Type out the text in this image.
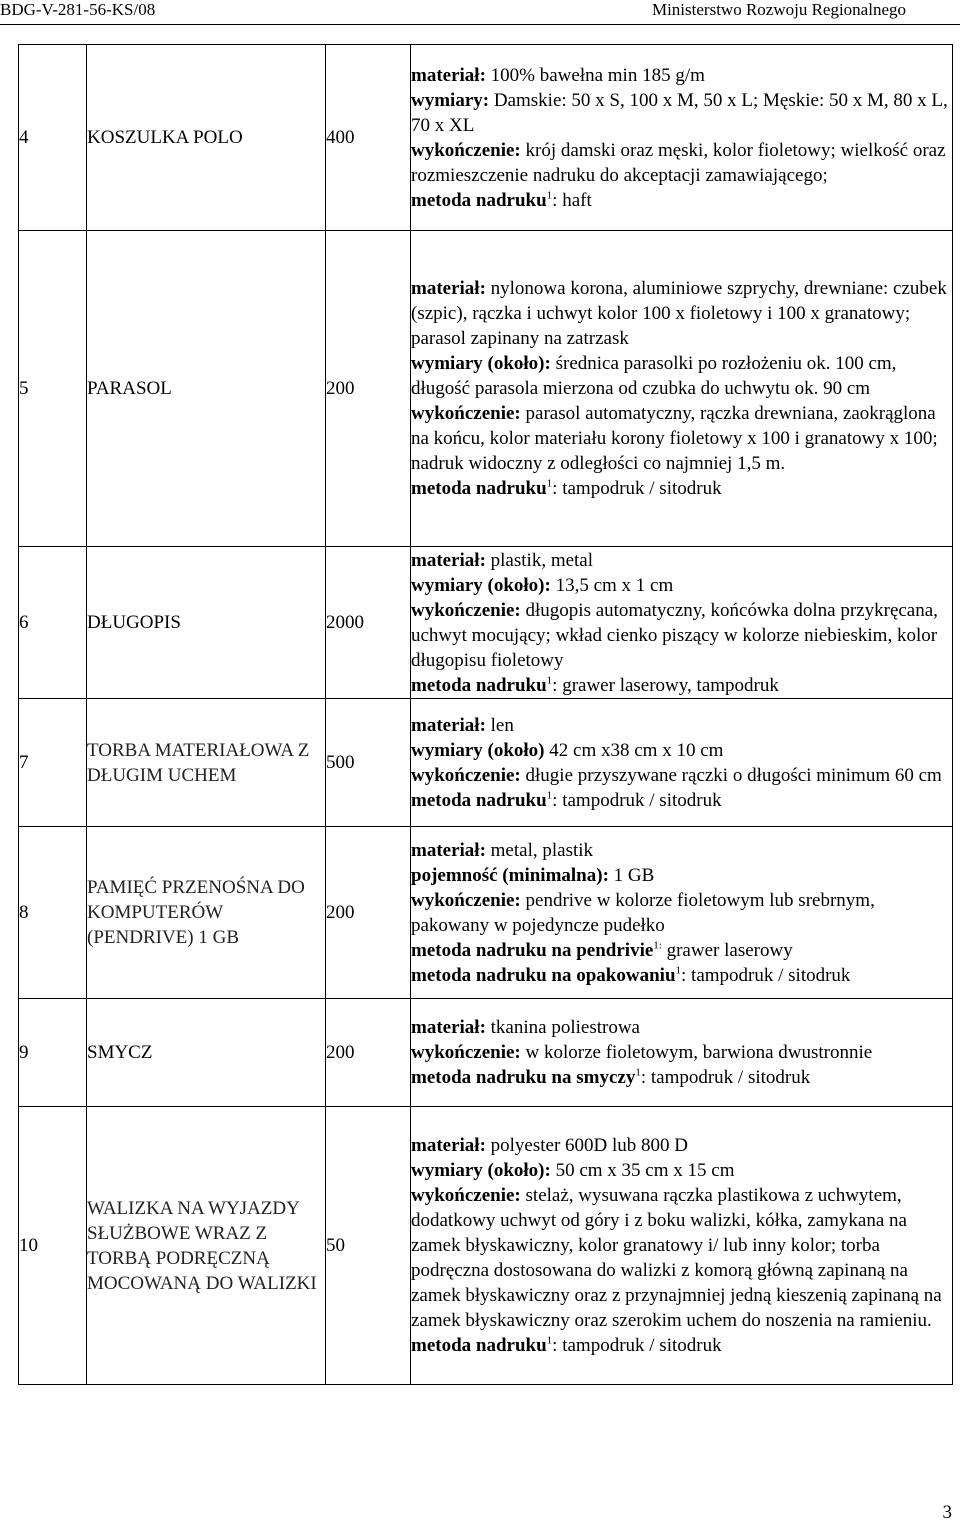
BDG-V-281-56-KS/08	Ministerstwo Rozwoju Regionalnego
4	KOSZULKA POLO	400	materiał: 100% bawełna min 185 g/m
wymiary: Damskie: 50 x S, 100 x M, 50 x L; Męskie: 50 x M, 80 x L, 70 x XL
wykończenie: krój damski oraz męski, kolor fioletowy; wielkość oraz rozmieszczenie nadruku do akceptacji zamawiającego;
metoda nadruku$^1$: haft

5	PARASOL	200	materiał: nylonowa korona, aluminiowe szprychy, drewniane: czubek (szpic), rączka i uchwyt kolor 100 x fioletowy i 100 x granatowy; parasol zapinany na zatrzask
wymiary (około): średnica parasolki po rozłożeniu ok. 100 cm, długość parasola mierzona od czubka do uchwytu ok. 90 cm
wykończenie: parasol automatyczny, rączka drewniana, zaokrąglona na końcu, kolor materiału korony fioletowy x 100 i granatowy x 100; nadruk widoczny z odległości co najmniej 1,5 m.
metoda nadruku$^1$: tampodruk / sitodruk

6	DŁUGOPIS	2000	materiał: plastik, metal
wymiary (około): 13,5 cm x 1 cm
wykończenie: długopis automatyczny, końcówka dolna przykręcana, uchwyt mocujący; wkład cienko piszący w kolorze niebieskim, kolor długopisu fioletowy
metoda nadruku$^1$: grawer laserowy, tampodruk

7	TORBA MATERIAŁOWA Z DŁUGIM UCHEM	500	materiał: len
wymiary (około) 42 cm x38 cm x 10 cm
wykończenie: długie przyszywane rączki o długości minimum 60 cm
metoda nadruku$^1$: tampodruk / sitodruk

8	PAMIĘĆ PRZENOŚNA DO KOMPUTERÓW (PENDRIVE) 1 GB	200	materiał: metal, plastik
pojemność (minimalna): 1 GB
wykończenie: pendrive w kolorze fioletowym lub srebrnym, pakowany w pojedyncze pudełko
metoda nadruku na pendrivie$^{1:}$ grawer laserowy
metoda nadruku na opakowaniu$^1$: tampodruk / sitodruk

9	SMYCZ	200	materiał: tkanina poliestrowa
wykończenie: w kolorze fioletowym, barwiona dwustronnie
metoda nadruku na smyczy$^1$: tampodruk / sitodruk

10	WALIZKA NA WYJAZDY SŁUŻBOWE WRAZ Z TORBĄ PODRĘCZNĄ MOCOWANĄ DO WALIZKI	50	materiał: polyester 600D lub 800 D
wymiary (około): 50 cm x 35 cm x 15 cm
wykończenie: stelaż, wysuwana rączka plastikowa z uchwytem, dodatkowy uchwyt od góry i z boku walizki, kółka, zamykana na zamek błyskawiczny, kolor granatowy i/ lub inny kolor; torba podręczna dostosowana do walizki z komorą główną zapinaną na zamek błyskawiczny oraz z przynajmniej jedną kieszenią zapinaną na zamek błyskawiczny oraz szerokim uchem do noszenia na ramieniu.
metoda nadruku$^1$: tampodruk / sitodruk
3
